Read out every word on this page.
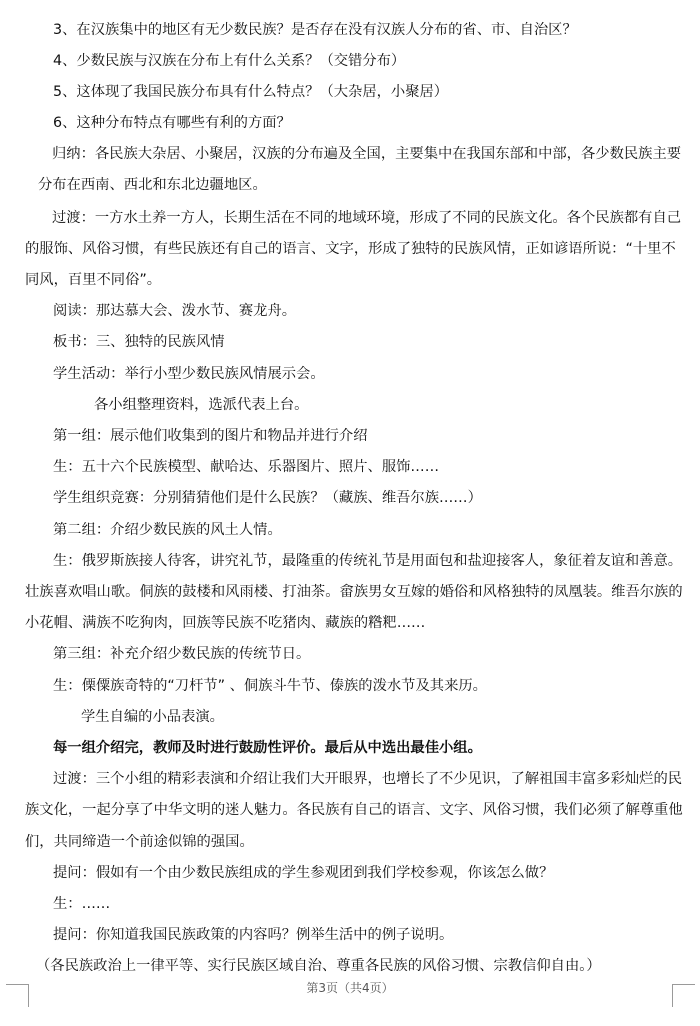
3、在汉族集中的地区有无少数民族？是否存在没有汉族人分布的省、市、自治区？
4、少数民族与汉族在分布上有什么关系？（交错分布）
5、这体现了我国民族分布具有什么特点？（大杂居，小聚居）
6、这种分布特点有哪些有利的方面？
归纳：各民族大杂居、小聚居，汉族的分布遍及全国，主要集中在我国东部和中部，各少数民族主要
分布在西南、西北和东北边疆地区。
过渡：一方水土养一方人，长期生活在不同的地域环境，形成了不同的民族文化。各个民族都有自己
的服饰、风俗习惯，有些民族还有自己的语言、文字，形成了独特的民族风情，正如谚语所说：“十里不
同风，百里不同俗”。
阅读：那达慕大会、泼水节、赛龙舟。
板书：三、独特的民族风情
学生活动：举行小型少数民族风情展示会。
各小组整理资料，选派代表上台。
第一组：展示他们收集到的图片和物品并进行介绍
生：五十六个民族模型、献哈达、乐器图片、照片、服饰……
学生组织竞赛：分别猜猜他们是什么民族？（藏族、维吾尔族……）
第二组：介绍少数民族的风土人情。
生：俄罗斯族接人待客，讲究礼节，最隆重的传统礼节是用面包和盐迎接客人，象征着友谊和善意。
壮族喜欢唱山歌。侗族的鼓楼和风雨楼、打油茶。畲族男女互嫁的婚俗和风格独特的凤凰装。维吾尔族的
小花帽、满族不吃狗肉，回族等民族不吃猪肉、藏族的糌粑……
第三组：补充介绍少数民族的传统节日。
生：傈僳族奇特的“刀杆节” 、侗族斗牛节、傣族的泼水节及其来历。
学生自编的小品表演。
每一组介绍完，教师及时进行鼓励性评价。最后从中选出最佳小组。
过渡：三个小组的精彩表演和介绍让我们大开眼界，也增长了不少见识，了解祖国丰富多彩灿烂的民
族文化，一起分享了中华文明的迷人魅力。各民族有自己的语言、文字、风俗习惯，我们必须了解尊重他
们，共同缔造一个前途似锦的强国。
提问：假如有一个由少数民族组成的学生参观团到我们学校参观，你该怎么做？
生：……
提问：你知道我国民族政策的内容吗？例举生活中的例子说明。
（各民族政治上一律平等、实行民族区域自治、尊重各民族的风俗习惯、宗教信仰自由。）
第3页（共4页）
